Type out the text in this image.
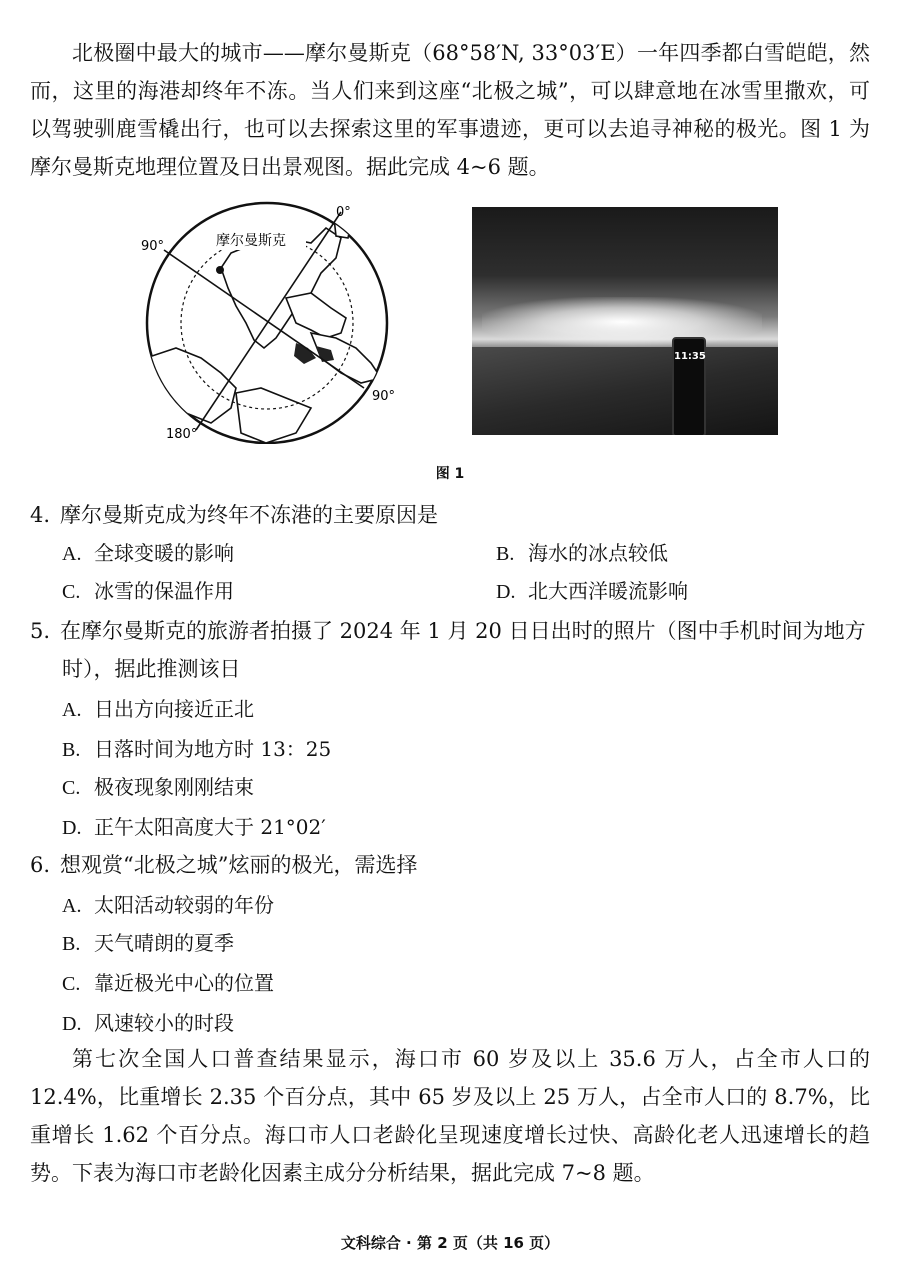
北极圈中最大的城市——摩尔曼斯克（68°58′N, 33°03′E）一年四季都白雪皑皑，然而，这里的海港却终年不冻。当人们来到这座“北极之城”，可以肆意地在冰雪里撒欢，可以驾驶驯鹿雪橇出行，也可以去探索这里的军事遗迹，更可以去追寻神秘的极光。图 1 为摩尔曼斯克地理位置及日出景观图。据此完成 4~6 题。

摩尔曼斯克
0°
90°
90°
180°
11:35
图 1

4. 摩尔曼斯克成为终年不冻港的主要原因是

A. 全球变暖的影响	B. 海水的冰点较低

C. 冰雪的保温作用	D. 北大西洋暖流影响

5. 在摩尔曼斯克的旅游者拍摄了 2024 年 1 月 20 日日出时的照片（图中手机时间为地方

时），据此推测该日

A. 日出方向接近正北

B. 日落时间为地方时 13：25

C. 极夜现象刚刚结束

D. 正午太阳高度大于 21°02′

6. 想观赏“北极之城”炫丽的极光，需选择

A. 太阳活动较弱的年份

B. 天气晴朗的夏季

C. 靠近极光中心的位置

D. 风速较小的时段

第七次全国人口普查结果显示，海口市 60 岁及以上 35.6 万人，占全市人口的 12.4%，比重增长 2.35 个百分点，其中 65 岁及以上 25 万人，占全市人口的 8.7%，比重增长 1.62 个百分点。海口市人口老龄化呈现速度增长过快、高龄化老人迅速增长的趋势。下表为海口市老龄化因素主成分分析结果，据此完成 7~8 题。

文科综合 · 第 2 页（共 16 页）
